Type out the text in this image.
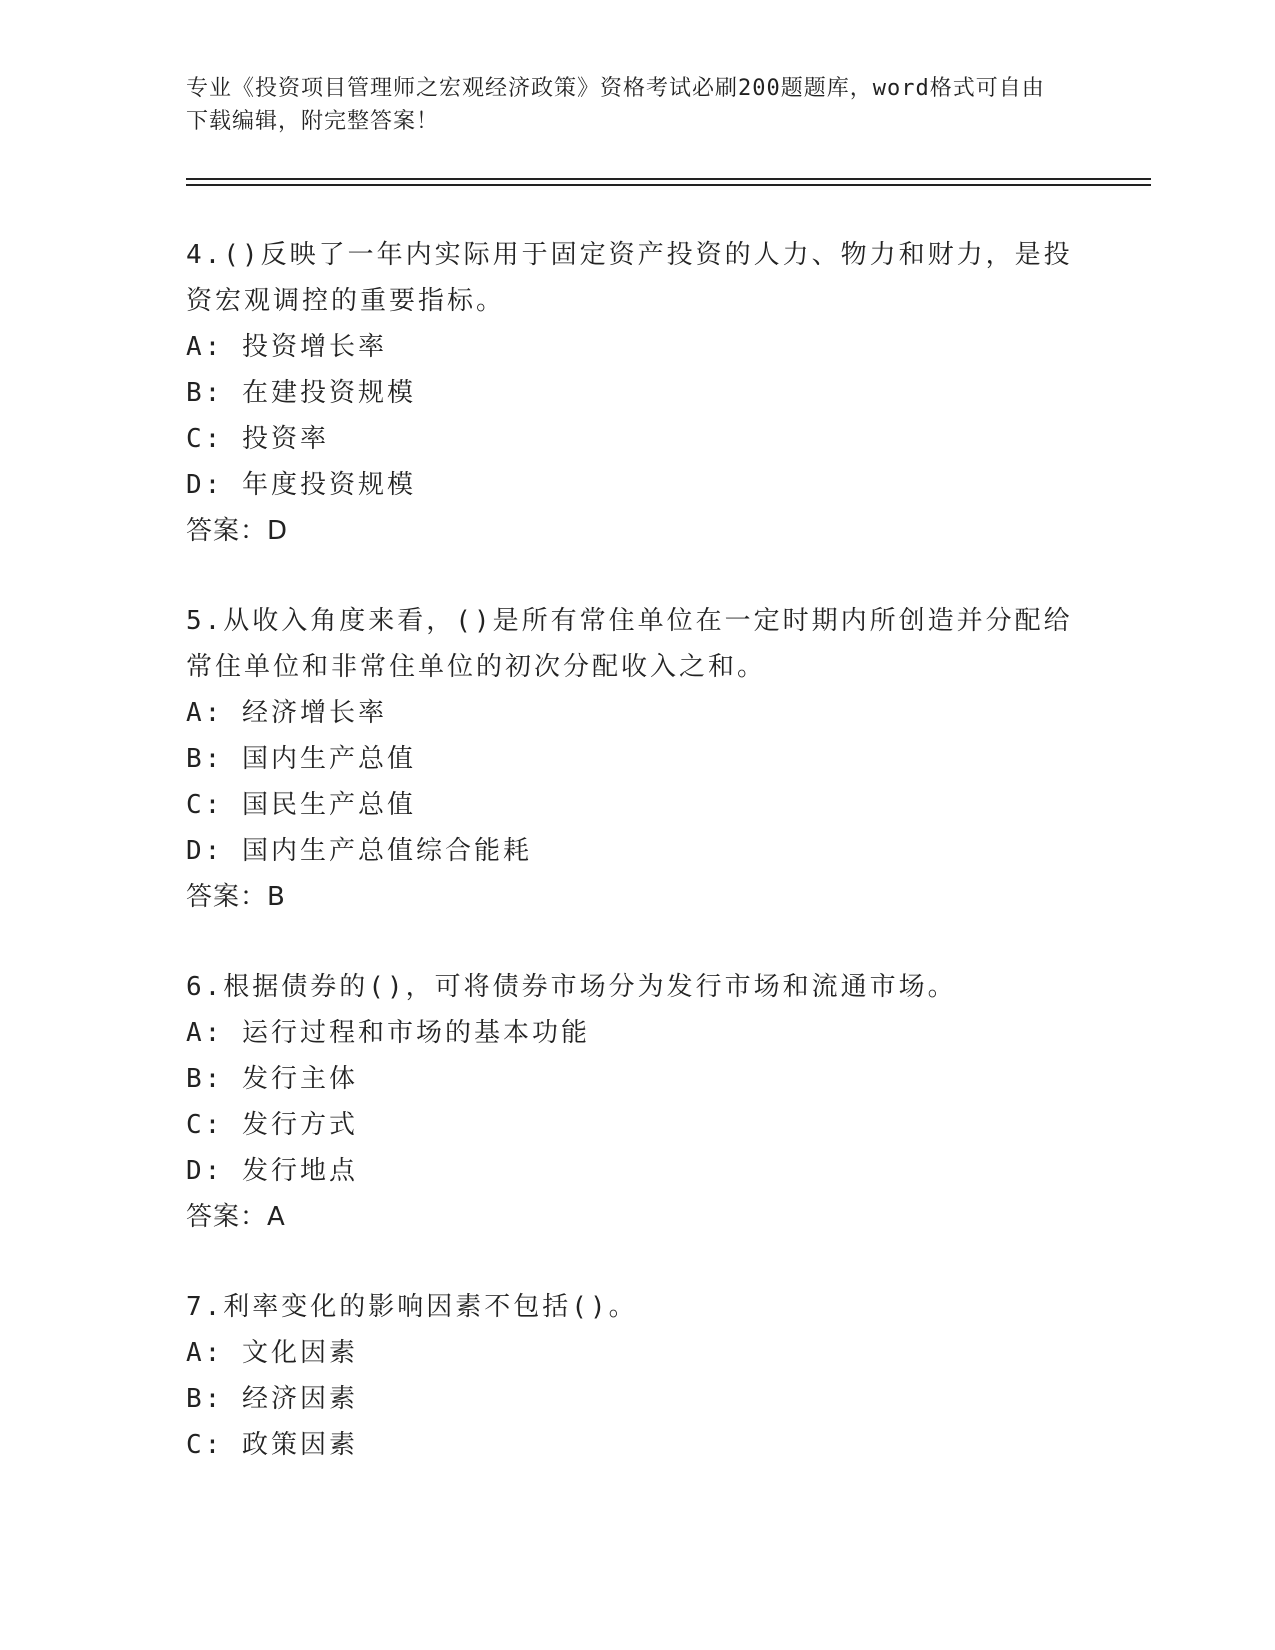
专业《投资项目管理师之宏观经济政策》资格考试必刷200题题库，word格式可自由下载编辑，附完整答案！

4.()反映了一年内实际用于固定资产投资的人力、物力和财力，是投资宏观调控的重要指标。

A: 投资增长率

B: 在建投资规模

C: 投资率

D: 年度投资规模

答案：D

5.从收入角度来看，()是所有常住单位在一定时期内所创造并分配给常住单位和非常住单位的初次分配收入之和。

A: 经济增长率

B: 国内生产总值

C: 国民生产总值

D: 国内生产总值综合能耗

答案：B

6.根据债券的()，可将债券市场分为发行市场和流通市场。

A: 运行过程和市场的基本功能

B: 发行主体

C: 发行方式

D: 发行地点

答案：A

7.利率变化的影响因素不包括()。

A: 文化因素

B: 经济因素

C: 政策因素
